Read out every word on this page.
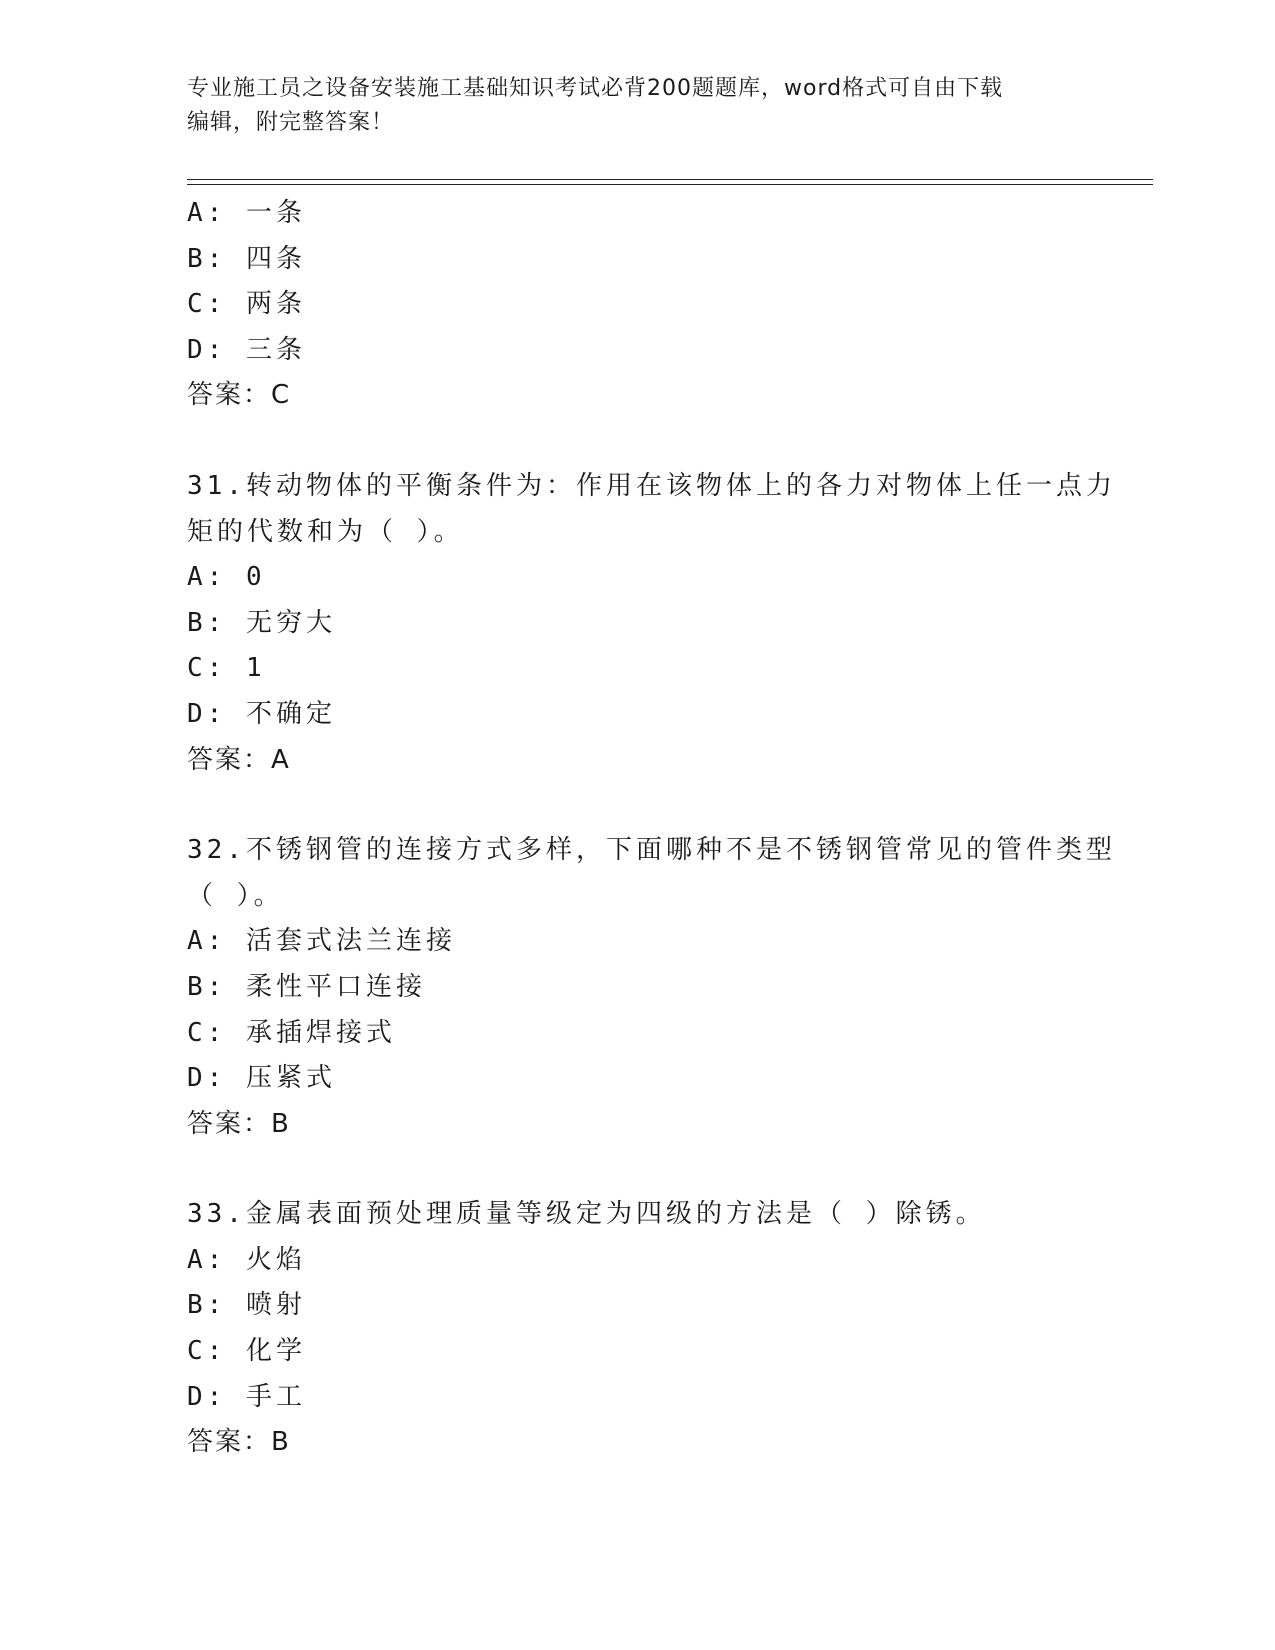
专业施工员之设备安装施工基础知识考试必背200题题库，word格式可自由下载
编辑，附完整答案！
A: 一条
B: 四条
C: 两条
D: 三条
答案：C
31.转动物体的平衡条件为：作用在该物体上的各力对物体上任一点力
矩的代数和为（ ）。
A: 0
B: 无穷大
C: 1
D: 不确定
答案：A
32.不锈钢管的连接方式多样，下面哪种不是不锈钢管常见的管件类型
（ ）。
A: 活套式法兰连接
B: 柔性平口连接
C: 承插焊接式
D: 压紧式
答案：B
33.金属表面预处理质量等级定为四级的方法是（ ）除锈。
A: 火焰
B: 喷射
C: 化学
D: 手工
答案：B
